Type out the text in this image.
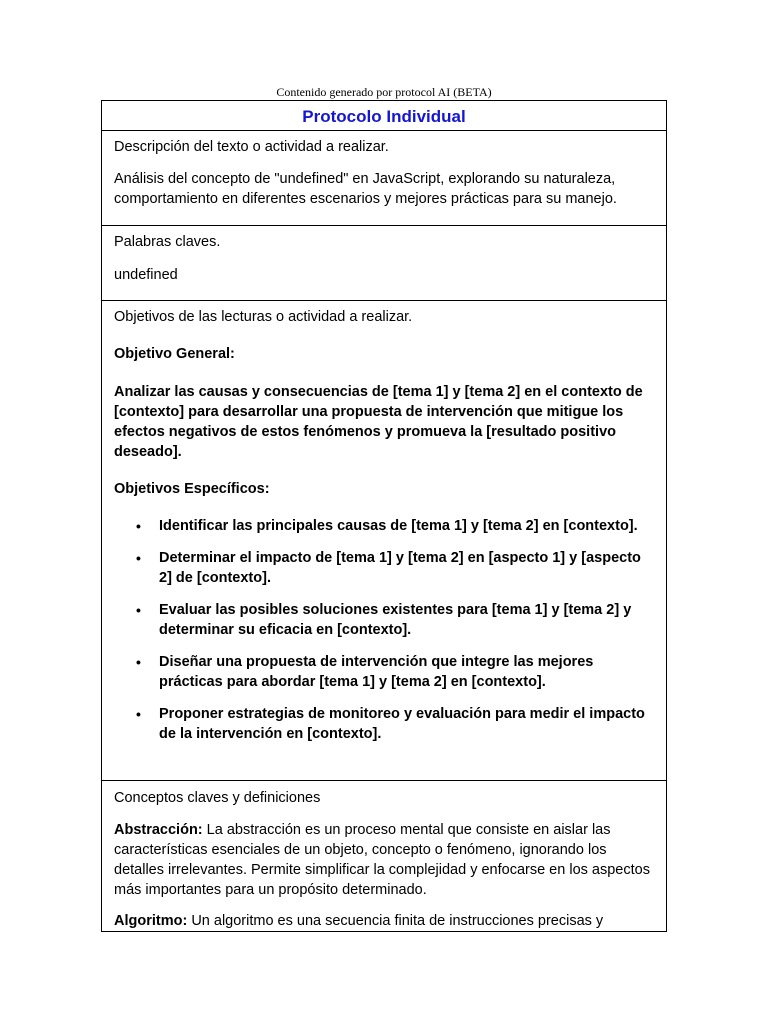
Contenido generado por protocol AI (BETA)
Protocolo Individual

Descripción del texto o actividad a realizar.

Análisis del concepto de "undefined" en JavaScript, explorando su naturaleza, comportamiento en diferentes escenarios y mejores prácticas para su manejo.

Palabras claves.

undefined

Objetivos de las lecturas o actividad a realizar.

Objetivo General:

Analizar las causas y consecuencias de [tema 1] y [tema 2] en el contexto de [contexto] para desarrollar una propuesta de intervención que mitigue los efectos negativos de estos fenómenos y promueva la [resultado positivo deseado].

Objetivos Específicos:

• Identificar las principales causas de [tema 1] y [tema 2] en [contexto].
• Determinar el impacto de [tema 1] y [tema 2] en [aspecto 1] y [aspecto 2] de [contexto].
• Evaluar las posibles soluciones existentes para [tema 1] y [tema 2] y determinar su eficacia en [contexto].
• Diseñar una propuesta de intervención que integre las mejores prácticas para abordar [tema 1] y [tema 2] en [contexto].
• Proponer estrategias de monitoreo y evaluación para medir el impacto de la intervención en [contexto].

Conceptos claves y definiciones

Abstracción: La abstracción es un proceso mental que consiste en aislar las características esenciales de un objeto, concepto o fenómeno, ignorando los detalles irrelevantes. Permite simplificar la complejidad y enfocarse en los aspectos más importantes para un propósito determinado.

Algoritmo: Un algoritmo es una secuencia finita de instrucciones precisas y
